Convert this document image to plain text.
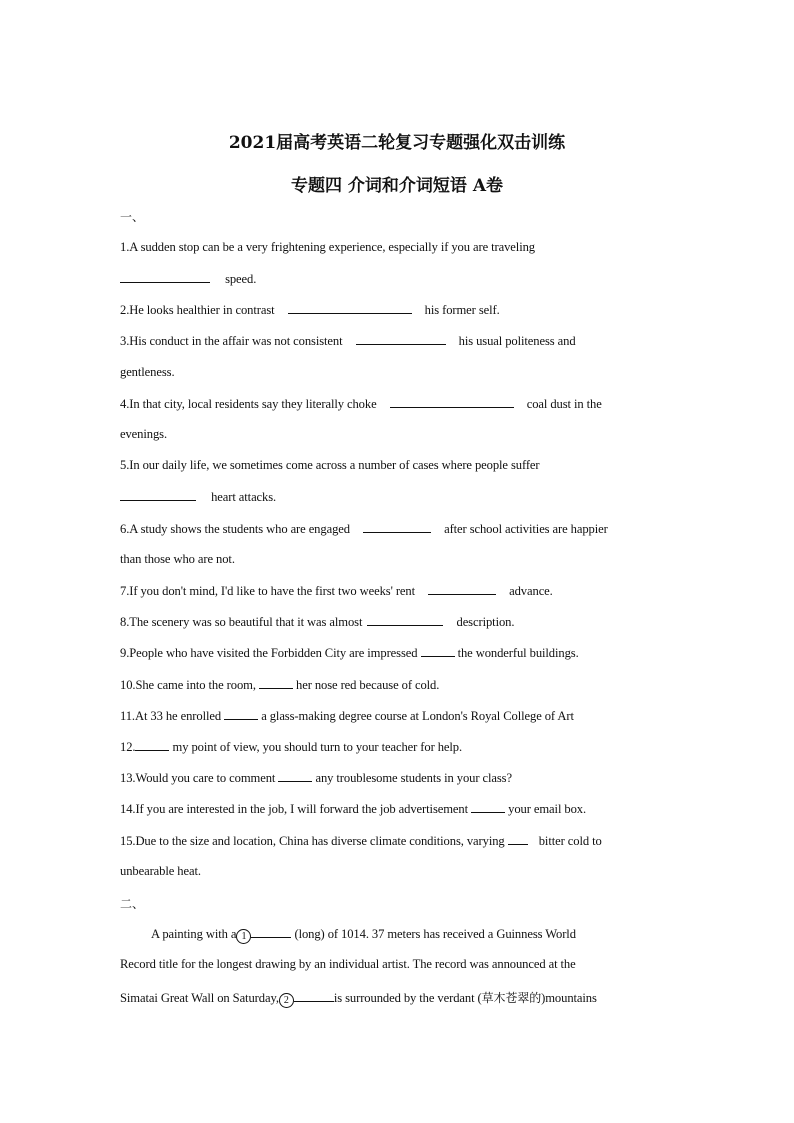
2021届高考英语二轮复习专题强化双击训练
专题四 介词和介词短语 A卷
一、
1.A sudden stop can be a very frightening experience, especially if you are traveling
speed.
2.He looks healthier in contrast	his former self.
3.His conduct in the affair was not consistent	his usual politeness and
gentleness.
4.In that city, local residents say they literally choke	coal dust in the
evenings.
5.In our daily life, we sometimes come across a number of cases where people suffer
heart attacks.
6.A study shows the students who are engaged	after school activities are happier
than those who are not.
7.If you don't mind, I'd like to have the first two weeks' rent	advance.
8.The scenery was so beautiful that it was almost	description.
9.People who have visited the Forbidden City are impressed	the wonderful buildings.
10.She came into the room,	her nose red because of cold.
11.At 33 he enrolled	a glass-making degree course at London's Royal College of Art
12.	my point of view, you should turn to your teacher for help.
13.Would you care to comment	any troublesome students in your class?
14.If you are interested in the job, I will forward the job advertisement	your email box.
15.Due to the size and location, China has diverse climate conditions, varying	bitter cold to
unbearable heat.
二、
A painting with a 1	(long) of 1014. 37 meters has received a Guinness World
Record title for the longest drawing by an individual artist. The record was announced at the
Simatai Great Wall on Saturday, 2	is surrounded by the verdant (草木苍翠的)mountains
